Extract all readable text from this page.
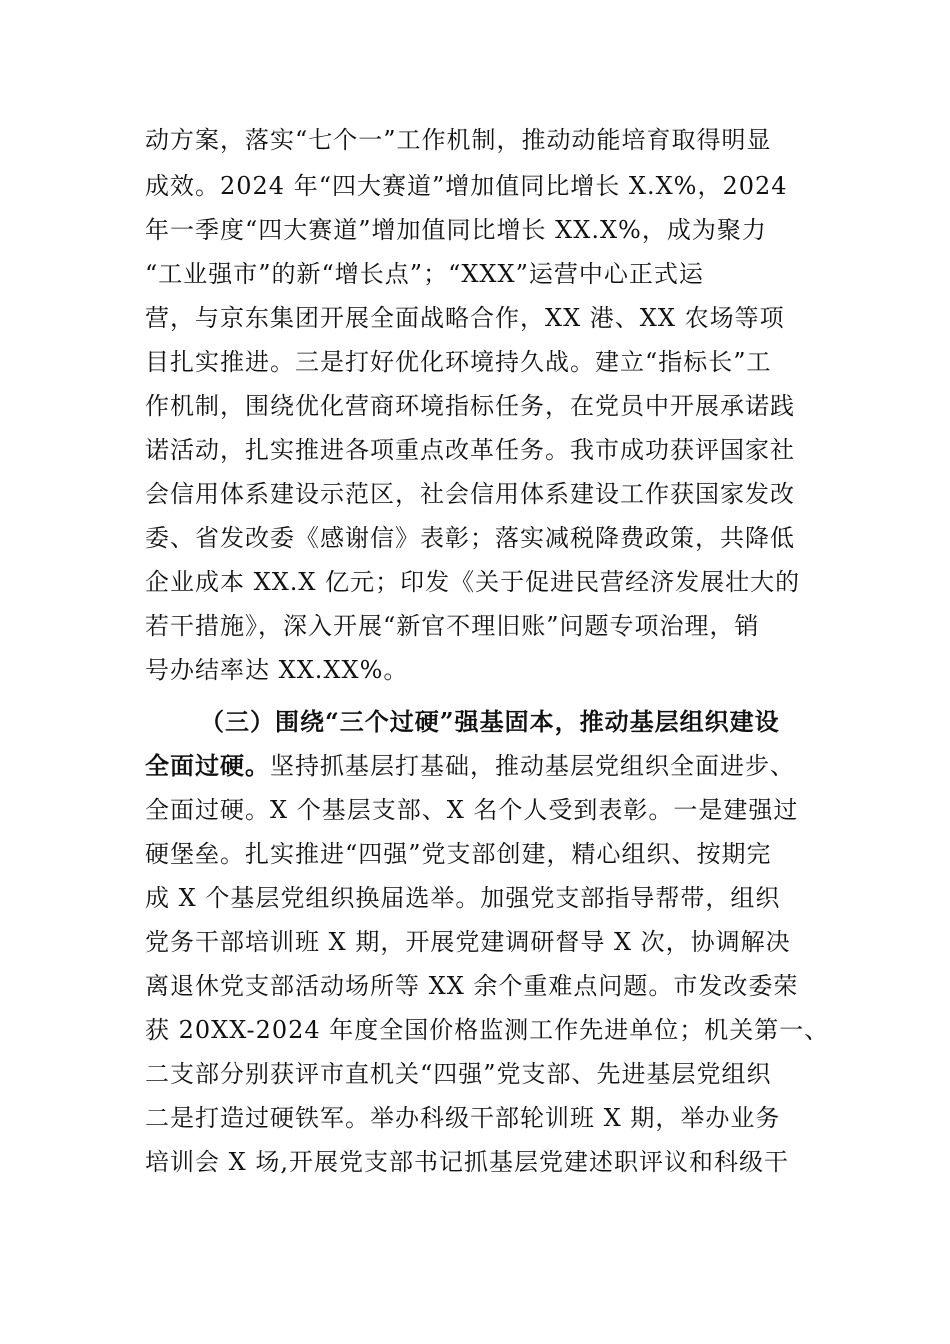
动方案，落实“七个一”工作机制，推动动能培育取得明显
成效。2024 年“四大赛道”增加值同比增长 X.X%，2024
年一季度“四大赛道”增加值同比增长 XX.X%，成为聚力
“工业强市”的新“增长点”；“XXX”运营中心正式运
营，与京东集团开展全面战略合作，XX 港、XX 农场等项
目扎实推进。三是打好优化环境持久战。建立“指标长”工
作机制，围绕优化营商环境指标任务，在党员中开展承诺践
诺活动，扎实推进各项重点改革任务。我市成功获评国家社
会信用体系建设示范区，社会信用体系建设工作获国家发改
委、省发改委《感谢信》表彰；落实减税降费政策，共降低
企业成本 XX.X 亿元；印发《关于促进民营经济发展壮大的
若干措施》，深入开展“新官不理旧账”问题专项治理，销
号办结率达 XX.XX%。
（三）围绕“三个过硬”强基固本，推动基层组织建设
全面过硬。坚持抓基层打基础，推动基层党组织全面进步、
全面过硬。X 个基层支部、X 名个人受到表彰。一是建强过
硬堡垒。扎实推进“四强”党支部创建，精心组织、按期完
成 X 个基层党组织换届选举。加强党支部指导帮带，组织
党务干部培训班 X 期，开展党建调研督导 X 次，协调解决
离退休党支部活动场所等 XX 余个重难点问题。市发改委荣
获 20XX-2024 年度全国价格监测工作先进单位；机关第一、
二支部分别获评市直机关“四强”党支部、先进基层党组织
二是打造过硬铁军。举办科级干部轮训班 X 期，举办业务
培训会 X 场,开展党支部书记抓基层党建述职评议和科级干
